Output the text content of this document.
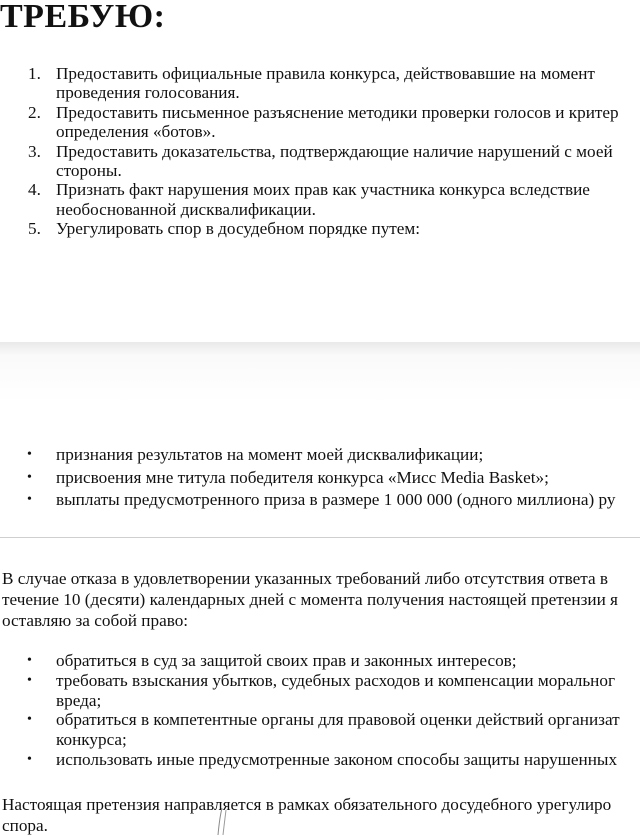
ТРЕБУЮ:
1. Предоставить официальные правила конкурса, действовавшие на момент
проведения голосования.
2. Предоставить письменное разъяснение методики проверки голосов и критер
определения «ботов».
3. Предоставить доказательства, подтверждающие наличие нарушений с моей
стороны.
4. Признать факт нарушения моих прав как участника конкурса вследствие
необоснованной дисквалификации.
5. Урегулировать спор в досудебном порядке путем:
• признания результатов на момент моей дисквалификации;
• присвоения мне титула победителя конкурса «Мисс Media Basket»;
• выплаты предусмотренного приза в размере 1 000 000 (одного миллиона) ру
В случае отказа в удовлетворении указанных требований либо отсутствия ответа в
течение 10 (десяти) календарных дней с момента получения настоящей претензии я
оставляю за собой право:
• обратиться в суд за защитой своих прав и законных интересов;
• требовать взыскания убытков, судебных расходов и компенсации моральног
вреда;
• обратиться в компетентные органы для правовой оценки действий организат
конкурса;
• использовать иные предусмотренные законом способы защиты нарушенных
Настоящая претензия направляется в рамках обязательного досудебного урегулиро
спора.
